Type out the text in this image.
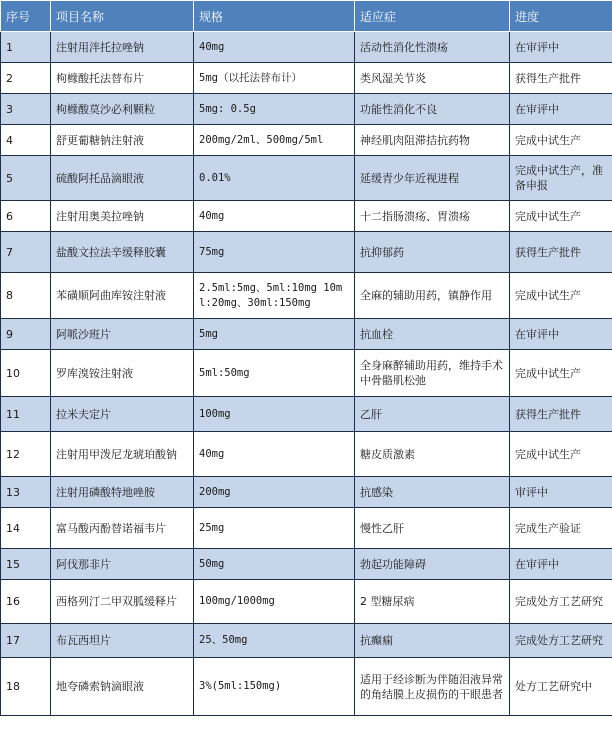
序号	项目名称	规格	适应症	进度
1	注射用泮托拉唑钠	40mg	活动性消化性溃疡	在审评中
2	枸橼酸托法替布片	5mg（以托法替布计）	类风湿关节炎	获得生产批件
3	枸橼酸莫沙必利颗粒	5mg: 0.5g	功能性消化不良	在审评中
4	舒更葡糖钠注射液	200mg/2ml、500mg/5ml	神经肌肉阻滞拮抗药物	完成中试生产
5	硫酸阿托品滴眼液	0.01%	延缓青少年近视进程	完成中试生产，准备申报
6	注射用奥美拉唑钠	40mg	十二指肠溃疡、胃溃疡	完成中试生产
7	盐酸文拉法辛缓释胶囊	75mg	抗抑郁药	获得生产批件
8	苯磺顺阿曲库铵注射液	2.5ml:5mg、5ml:10mg 10ml:20mg、30ml:150mg	全麻的辅助用药，镇静作用	完成中试生产
9	阿哌沙班片	5mg	抗血栓	在审评中
10	罗库溴铵注射液	5ml:50mg	全身麻醉辅助用药，维持手术中骨骼肌松弛	完成中试生产
11	拉米夫定片	100mg	乙肝	获得生产批件
12	注射用甲泼尼龙琥珀酸钠	40mg	糖皮质激素	完成中试生产
13	注射用磷酸特地唑胺	200mg	抗感染	审评中
14	富马酸丙酚替诺福韦片	25mg	慢性乙肝	完成生产验证
15	阿伐那非片	50mg	勃起功能障碍	在审评中
16	西格列汀二甲双胍缓释片	100mg/1000mg	2 型糖尿病	完成处方工艺研究
17	布瓦西坦片	25、50mg	抗癫痫	完成处方工艺研究
18	地夸磷索钠滴眼液	3%(5ml:150mg)	适用于经诊断为伴随泪液异常的角结膜上皮损伤的干眼患者	处方工艺研究中
